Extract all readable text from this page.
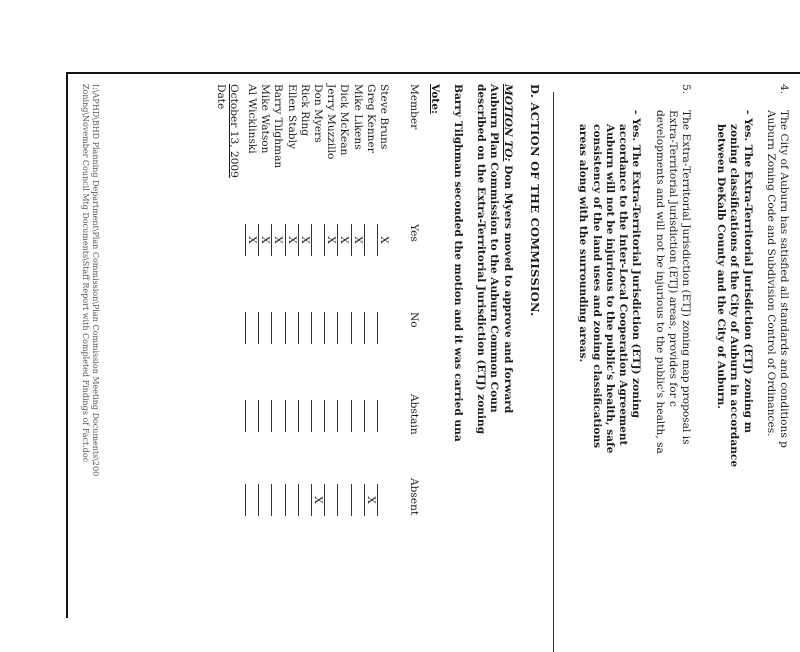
4.
The City of Auburn has satisfied all standards and conditions p
Auburn Zoning Code and Subdivision Control of Ordinances.
- Yes. The Extra-Territorial Jurisdiction (ETJ) zoning m
zoning classifications of the City of Auburn in accordance
between DeKalb County and the City of Auburn.
5.
The Extra-Territorial Jurisdiction (ETJ) zoning map proposal is
Extra-Territorial Jurisdiction (ETJ) areas, provides for c
developments and will not be injurious to the public's health, sa
- Yes. The Extra-Territorial Jurisdiction (ETJ) zoning
accordance to the Inter-Local Cooperation Agreement
Auburn will not be injurious to the public's health, safe
consistency of the land uses and zoning classifications
areas along with the surrounding areas.
D. ACTION OF THE COMMISSION.
MOTION TO: Don Myers moved to approve and forward
Auburn Plan Commission to the Auburn Common Coun
described on the Extra-Territorial Jurisdiction (ETJ) zoning
Barry Tilghman seconded the motion and it was carried una
Vote:
Member
Yes
No
Abstain
Absent
Steve Bruns
X
Greg Kenner
X
Mike Likens
X
Dick McKean
X
Jerry Muzzillo
X
Don Myers
X
Rick Ring
X
Ellen Stably
X
Barry Tilghman
X
Mike Watson
X
Al Wicklinski
X
October 13, 2009
Date
I:\APHD\BHD Planning Department\Plan Commission\Plan Commission Meeting Documents\200
Zoning\November Council Mtg Documents\Staff Report with Completed Findings of Fact.doc
